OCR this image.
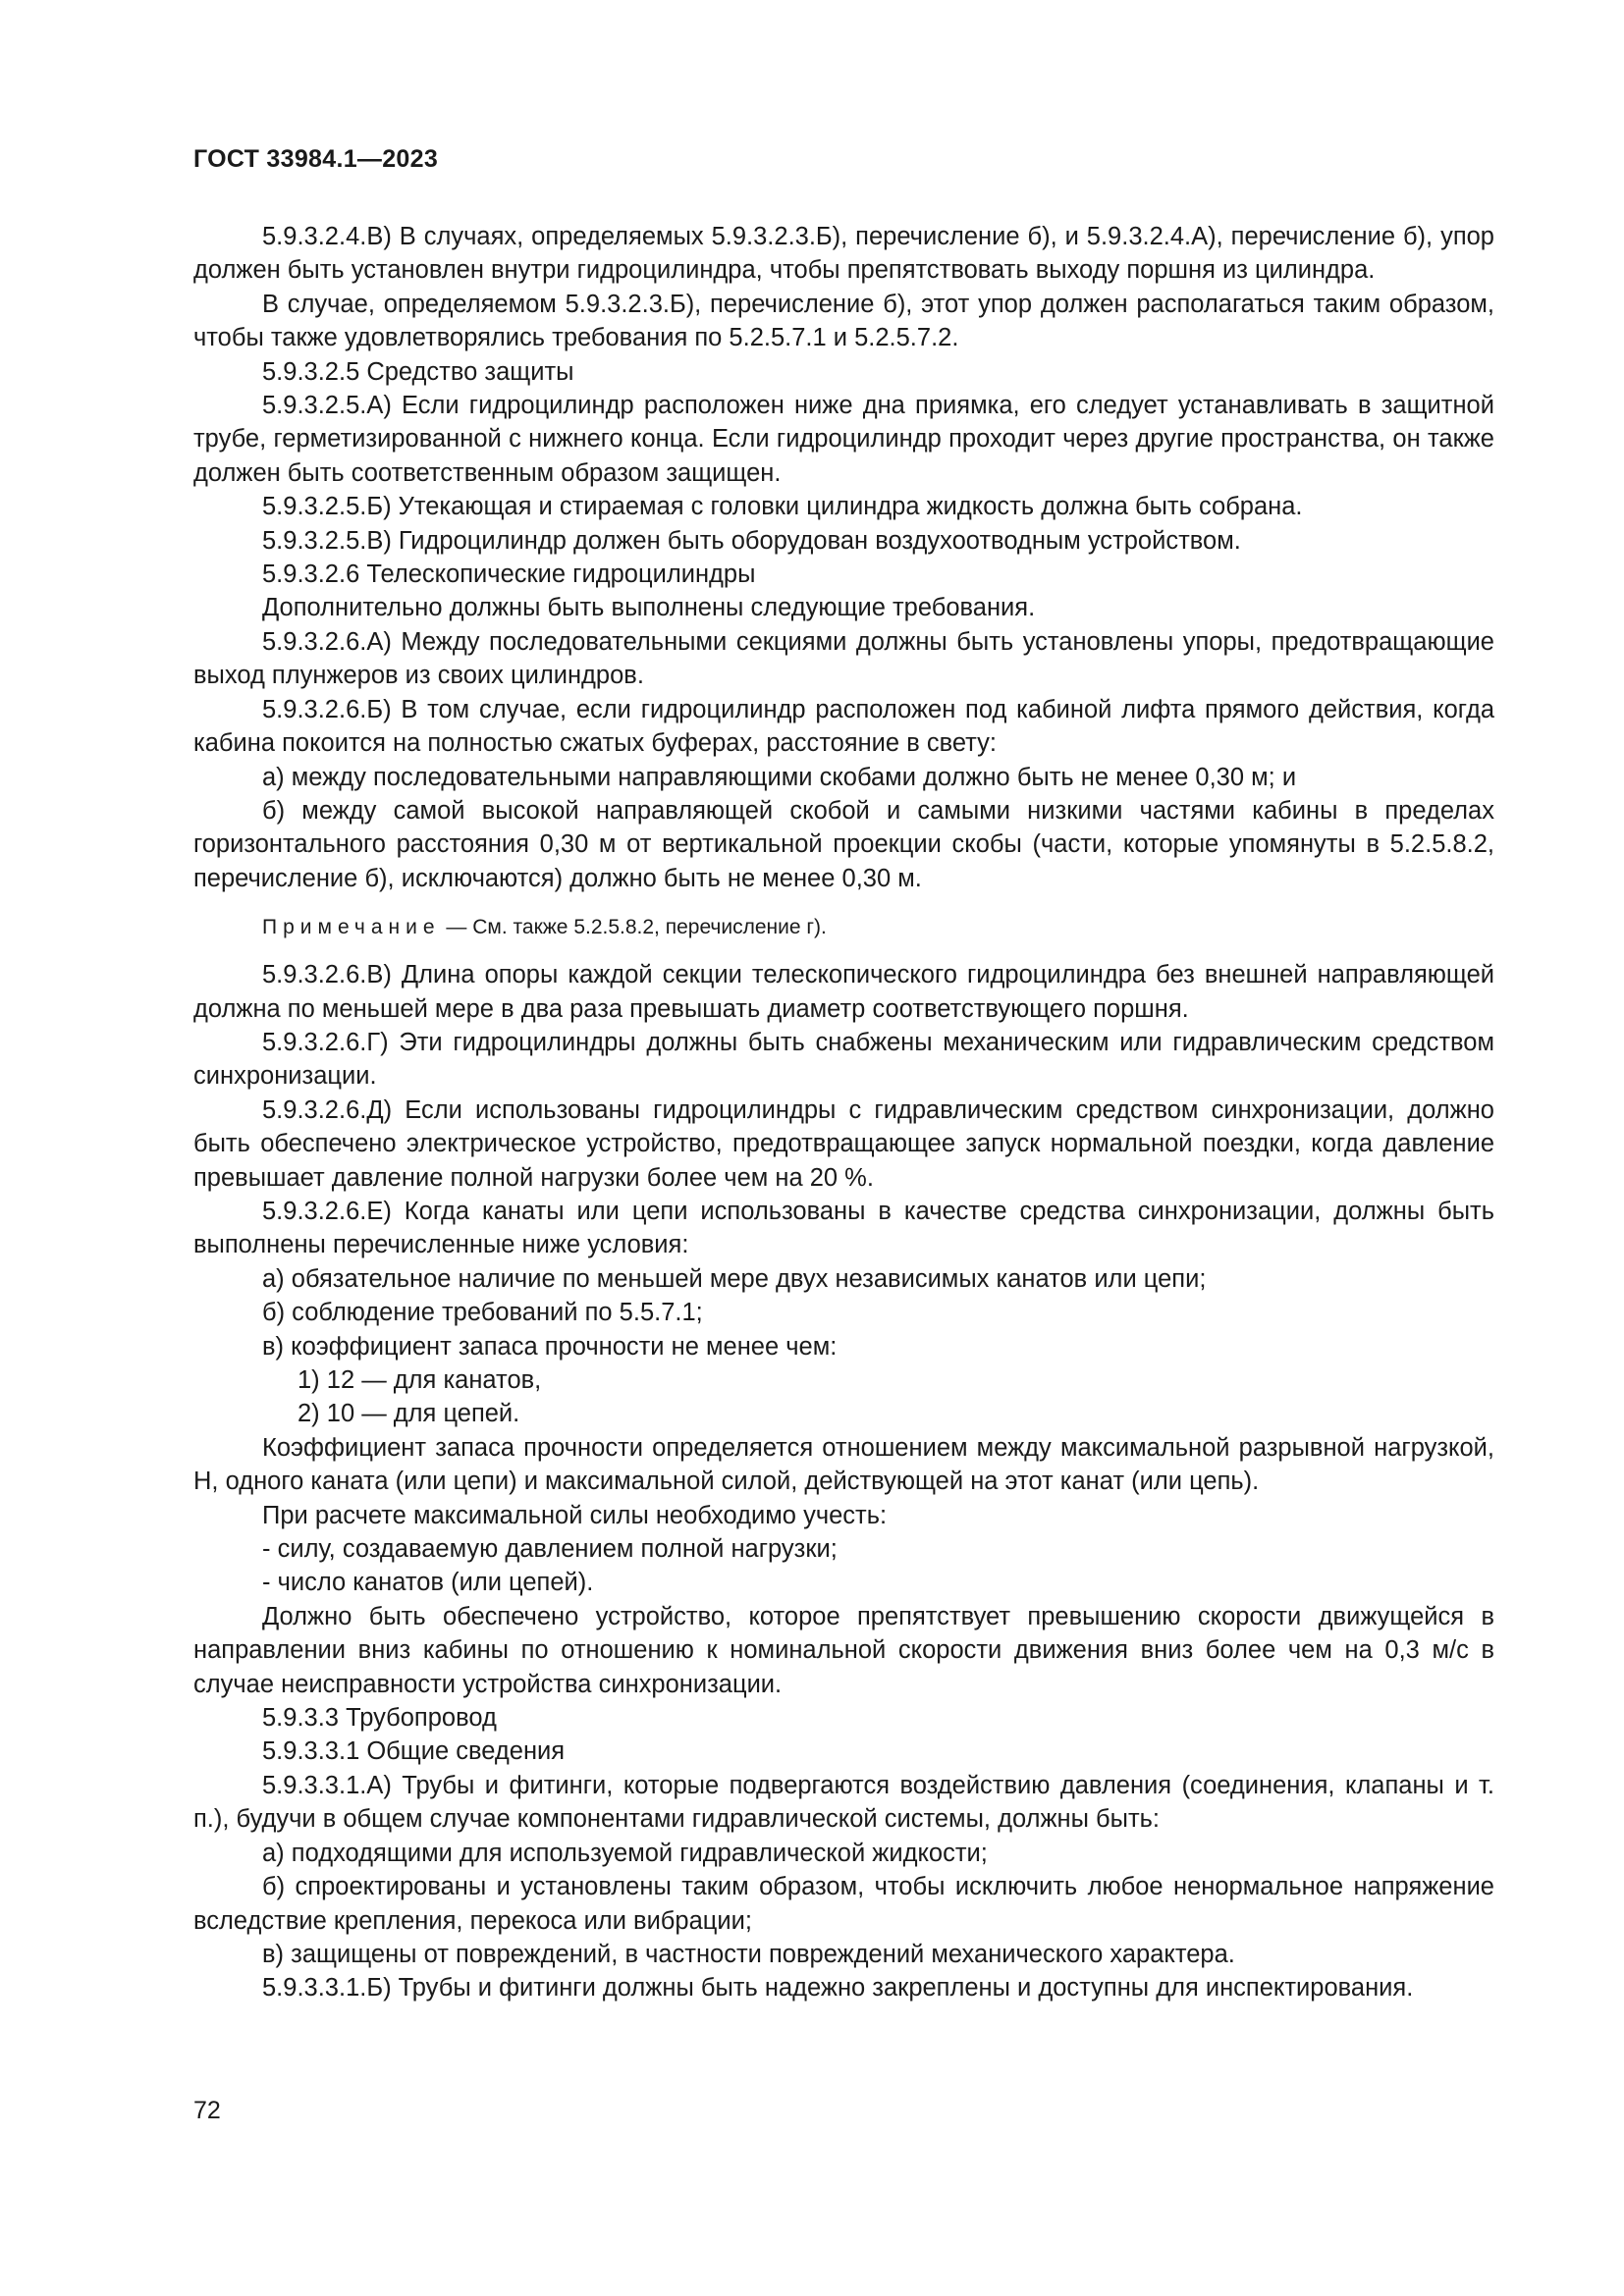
ГОСТ 33984.1—2023

5.9.3.2.4.В) В случаях, определяемых 5.9.3.2.3.Б), перечисление б), и 5.9.3.2.4.А), перечисление б), упор должен быть установлен внутри гидроцилиндра, чтобы препятствовать выходу поршня из цилиндра.

В случае, определяемом 5.9.3.2.3.Б), перечисление б), этот упор должен располагаться таким образом, чтобы также удовлетворялись требования по 5.2.5.7.1 и 5.2.5.7.2.

5.9.3.2.5 Средство защиты

5.9.3.2.5.А) Если гидроцилиндр расположен ниже дна приямка, его следует устанавливать в защитной трубе, герметизированной с нижнего конца. Если гидроцилиндр проходит через другие пространства, он также должен быть соответственным образом защищен.

5.9.3.2.5.Б) Утекающая и стираемая с головки цилиндра жидкость должна быть собрана.

5.9.3.2.5.В) Гидроцилиндр должен быть оборудован воздухоотводным устройством.

5.9.3.2.6 Телескопические гидроцилиндры

Дополнительно должны быть выполнены следующие требования.

5.9.3.2.6.А) Между последовательными секциями должны быть установлены упоры, предотвращающие выход плунжеров из своих цилиндров.

5.9.3.2.6.Б) В том случае, если гидроцилиндр расположен под кабиной лифта прямого действия, когда кабина покоится на полностью сжатых буферах, расстояние в свету:

а) между последовательными направляющими скобами должно быть не менее 0,30 м; и

б) между самой высокой направляющей скобой и самыми низкими частями кабины в пределах горизонтального расстояния 0,30 м от вертикальной проекции скобы (части, которые упомянуты в 5.2.5.8.2, перечисление б), исключаются) должно быть не менее 0,30 м.

Примечание — См. также 5.2.5.8.2, перечисление г).

5.9.3.2.6.В) Длина опоры каждой секции телескопического гидроцилиндра без внешней направляющей должна по меньшей мере в два раза превышать диаметр соответствующего поршня.

5.9.3.2.6.Г) Эти гидроцилиндры должны быть снабжены механическим или гидравлическим средством синхронизации.

5.9.3.2.6.Д) Если использованы гидроцилиндры с гидравлическим средством синхронизации, должно быть обеспечено электрическое устройство, предотвращающее запуск нормальной поездки, когда давление превышает давление полной нагрузки более чем на 20 %.

5.9.3.2.6.Е) Когда канаты или цепи использованы в качестве средства синхронизации, должны быть выполнены перечисленные ниже условия:

а) обязательное наличие по меньшей мере двух независимых канатов или цепи;

б) соблюдение требований по 5.5.7.1;

в) коэффициент запаса прочности не менее чем:

1) 12 — для канатов,

2) 10 — для цепей.

Коэффициент запаса прочности определяется отношением между максимальной разрывной нагрузкой, Н, одного каната (или цепи) и максимальной силой, действующей на этот канат (или цепь).

При расчете максимальной силы необходимо учесть:

- силу, создаваемую давлением полной нагрузки;

- число канатов (или цепей).

Должно быть обеспечено устройство, которое препятствует превышению скорости движущейся в направлении вниз кабины по отношению к номинальной скорости движения вниз более чем на 0,3 м/с в случае неисправности устройства синхронизации.

5.9.3.3 Трубопровод

5.9.3.3.1 Общие сведения

5.9.3.3.1.А) Трубы и фитинги, которые подвергаются воздействию давления (соединения, клапаны и т. п.), будучи в общем случае компонентами гидравлической системы, должны быть:

а) подходящими для используемой гидравлической жидкости;

б) спроектированы и установлены таким образом, чтобы исключить любое ненормальное напряжение вследствие крепления, перекоса или вибрации;

в) защищены от повреждений, в частности повреждений механического характера.

5.9.3.3.1.Б) Трубы и фитинги должны быть надежно закреплены и доступны для инспектирования.

72
